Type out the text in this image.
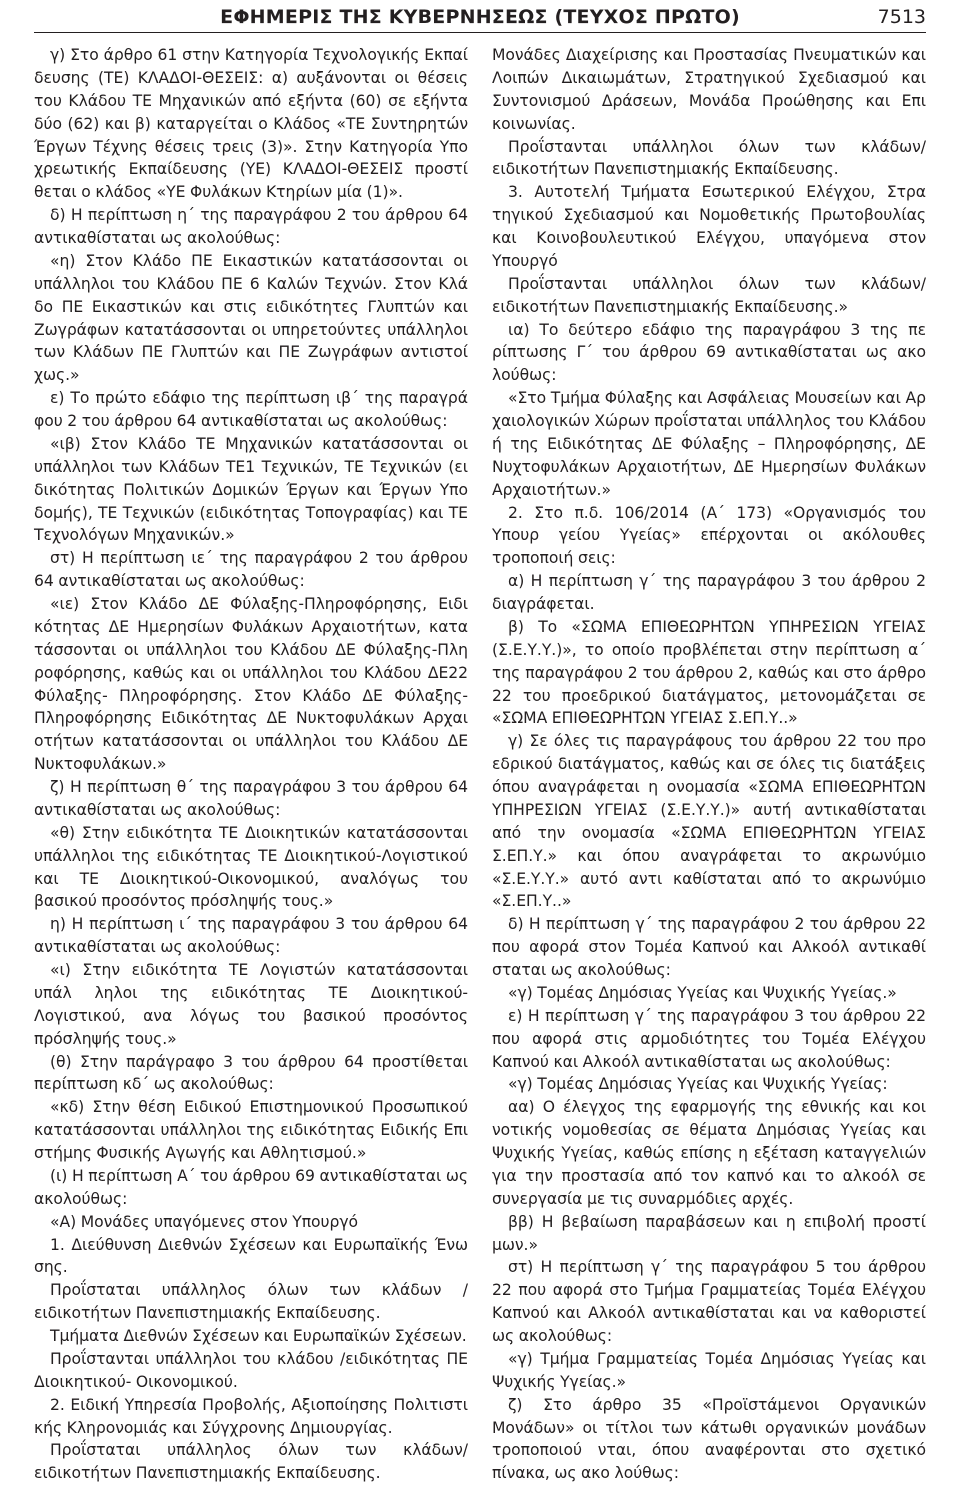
ΕΦΗΜΕΡΙΣ ΤΗΣ ΚΥΒΕΡΝΗΣΕΩΣ (ΤΕΥΧΟΣ ΠΡΩΤΟ)	7513

γ) Στο άρθρο 61 στην Κατηγορία Τεχνολογικής Εκπαί δευσης (ΤΕ) ΚΛΑΔΟΙ-ΘΕΣΕΙΣ: α) αυξάνονται οι θέσεις του Κλάδου ΤΕ Μηχανικών από εξήντα (60) σε εξήντα δύο (62) και β) καταργείται ο Κλάδος «ΤΕ Συντηρητών Έργων Τέχνης θέσεις τρεις (3)». Στην Κατηγορία Υπο χρεωτικής Εκπαίδευσης (ΥΕ) ΚΛΑΔΟΙ-ΘΕΣΕΙΣ προστί θεται ο κλάδος «ΥΕ Φυλάκων Κτηρίων μία (1)».

δ) Η περίπτωση η΄ της παραγράφου 2 του άρθρου 64 αντικαθίσταται ως ακολούθως:

«η) Στον Κλάδο ΠΕ Εικαστικών κατατάσσονται οι υπάλληλοι του Κλάδου ΠΕ 6 Καλών Τεχνών. Στον Κλά δο ΠΕ Εικαστικών και στις ειδικότητες Γλυπτών και Ζωγράφων κατατάσσονται οι υπηρετούντες υπάλληλοι των Κλάδων ΠΕ Γλυπτών και ΠΕ Ζωγράφων αντιστοί χως.»

ε) Το πρώτο εδάφιο της περίπτωση ιβ΄ της παραγρά φου 2 του άρθρου 64 αντικαθίσταται ως ακολούθως:

«ιβ) Στον Κλάδο ΤΕ Μηχανικών κατατάσσονται οι υπάλληλοι των Κλάδων ΤΕ1 Τεχνικών, ΤΕ Τεχνικών (ει δικότητας Πολιτικών Δομικών Έργων και Έργων Υπο δομής), ΤΕ Τεχνικών (ειδικότητας Τοπογραφίας) και ΤΕ Τεχνολόγων Μηχανικών.»

στ) Η περίπτωση ιε΄ της παραγράφου 2 του άρθρου 64 αντικαθίσταται ως ακολούθως:

«ιε) Στον Κλάδο ΔΕ Φύλαξης-Πληροφόρησης, Ειδι κότητας ΔΕ Ημερησίων Φυλάκων Αρχαιοτήτων, κατα τάσσονται οι υπάλληλοι του Κλάδου ΔΕ Φύλαξης-Πλη ροφόρησης, καθώς και οι υπάλληλοι του Κλάδου ΔΕ22 Φύλαξης- Πληροφόρησης. Στον Κλάδο ΔΕ Φύλαξης- Πληροφόρησης Ειδικότητας ΔΕ Νυκτοφυλάκων Αρχαι οτήτων κατατάσσονται οι υπάλληλοι του Κλάδου ΔΕ Νυκτοφυλάκων.»

ζ) Η περίπτωση θ΄ της παραγράφου 3 του άρθρου 64 αντικαθίσταται ως ακολούθως:

«θ) Στην ειδικότητα ΤΕ Διοικητικών κατατάσσονται υπάλληλοι της ειδικότητας ΤΕ Διοικητικού-Λογιστικού και ΤΕ Διοικητικού-Οικονομικού, αναλόγως του βασικού προσόντος πρόσληψής τους.»

η) Η περίπτωση ι΄ της παραγράφου 3 του άρθρου 64 αντικαθίσταται ως ακολούθως:

«ι) Στην ειδικότητα ΤΕ Λογιστών κατατάσσονται υπάλ ληλοι της ειδικότητας ΤΕ Διοικητικού-Λογιστικού, ανα λόγως του βασικού προσόντος πρόσληψής τους.»

(θ) Στην παράγραφο 3 του άρθρου 64 προστίθεται περίπτωση κδ΄ ως ακολούθως:

«κδ) Στην θέση Ειδικού Επιστημονικού Προσωπικού κατατάσσονται υπάλληλοι της ειδικότητας Ειδικής Επι στήμης Φυσικής Αγωγής και Αθλητισμού.»

(ι) Η περίπτωση Α΄ του άρθρου 69 αντικαθίσταται ως ακολούθως:

«Α) Μονάδες υπαγόμενες στον Υπουργό

1. Διεύθυνση Διεθνών Σχέσεων και Ευρωπαϊκής Ένω σης.

Προΐσταται υπάλληλος όλων των κλάδων /ειδικοτήτων Πανεπιστημιακής Εκπαίδευσης.

Τμήματα Διεθνών Σχέσεων και Ευρωπαϊκών Σχέσεων.

Προΐστανται υπάλληλοι του κλάδου /ειδικότητας ΠΕ Διοικητικού- Οικονομικού.

2. Ειδική Υπηρεσία Προβολής, Αξιοποίησης Πολιτιστι κής Κληρονομιάς και Σύγχρονης Δημιουργίας.

Προΐσταται υπάλληλος όλων των κλάδων/ειδικοτήτων Πανεπιστημιακής Εκπαίδευσης.

Μονάδες Διαχείρισης και Προστασίας Πνευματικών και Λοιπών Δικαιωμάτων, Στρατηγικού Σχεδιασμού και Συντονισμού Δράσεων, Μονάδα Προώθησης και Επι κοινωνίας.

Προΐστανται υπάλληλοι όλων των κλάδων/ειδικοτήτων Πανεπιστημιακής Εκπαίδευσης.

3. Αυτοτελή Τμήματα Εσωτερικού Ελέγχου, Στρα τηγικού Σχεδιασμού και Νομοθετικής Πρωτοβουλίας και Κοινοβουλευτικού Ελέγχου, υπαγόμενα στον Υπουργό

Προΐστανται υπάλληλοι όλων των κλάδων/ειδικοτήτων Πανεπιστημιακής Εκπαίδευσης.»

ια) Το δεύτερο εδάφιο της παραγράφου 3 της πε ρίπτωσης Γ΄ του άρθρου 69 αντικαθίσταται ως ακο λούθως:

«Στο Τμήμα Φύλαξης και Ασφάλειας Μουσείων και Αρ χαιολογικών Χώρων προΐσταται υπάλληλος του Κλάδου ή της Ειδικότητας ΔΕ Φύλαξης – Πληροφόρησης, ΔΕ Νυχτοφυλάκων Αρχαιοτήτων, ΔΕ Ημερησίων Φυλάκων Αρχαιοτήτων.»

2. Στο π.δ. 106/2014 (Α΄ 173) «Οργανισμός του Υπουρ γείου Υγείας» επέρχονται οι ακόλουθες τροποποιή σεις:

α) Η περίπτωση γ΄ της παραγράφου 3 του άρθρου 2 διαγράφεται.

β) Το «ΣΩΜΑ ΕΠΙΘΕΩΡΗΤΩΝ ΥΠΗΡΕΣΙΩΝ ΥΓΕΙΑΣ (Σ.Ε.Υ.Υ.)», το οποίο προβλέπεται στην περίπτωση α΄ της παραγράφου 2 του άρθρου 2, καθώς και στο άρθρο 22 του προεδρικού διατάγματος, μετονομάζεται σε «ΣΩΜΑ ΕΠΙΘΕΩΡΗΤΩΝ ΥΓΕΙΑΣ Σ.ΕΠ.Υ..»

γ) Σε όλες τις παραγράφους του άρθρου 22 του προ εδρικού διατάγματος, καθώς και σε όλες τις διατάξεις όπου αναγράφεται η ονομασία «ΣΩΜΑ ΕΠΙΘΕΩΡΗΤΩΝ ΥΠΗΡΕΣΙΩΝ ΥΓΕΙΑΣ (Σ.Ε.Υ.Υ.)» αυτή αντικαθίσταται από την ονομασία «ΣΩΜΑ ΕΠΙΘΕΩΡΗΤΩΝ ΥΓΕΙΑΣ Σ.ΕΠ.Υ.» και όπου αναγράφεται το ακρωνύμιο «Σ.Ε.Υ.Υ.» αυτό αντι καθίσταται από το ακρωνύμιο «Σ.ΕΠ.Υ..»

δ) Η περίπτωση γ΄ της παραγράφου 2 του άρθρου 22 που αφορά στον Τομέα Καπνού και Αλκοόλ αντικαθί σταται ως ακολούθως:

«γ) Τομέας Δημόσιας Υγείας και Ψυχικής Υγείας.»

ε) Η περίπτωση γ΄ της παραγράφου 3 του άρθρου 22 που αφορά στις αρμοδιότητες του Τομέα Ελέγχου Καπνού και Αλκοόλ αντικαθίσταται ως ακολούθως:

«γ) Τομέας Δημόσιας Υγείας και Ψυχικής Υγείας:

αα) Ο έλεγχος της εφαρμογής της εθνικής και κοι νοτικής νομοθεσίας σε θέματα Δημόσιας Υγείας και Ψυχικής Υγείας, καθώς επίσης η εξέταση καταγγελιών για την προστασία από τον καπνό και το αλκοόλ σε συνεργασία με τις συναρμόδιες αρχές.

ββ) Η βεβαίωση παραβάσεων και η επιβολή προστί μων.»

στ) Η περίπτωση γ΄ της παραγράφου 5 του άρθρου 22 που αφορά στο Τμήμα Γραμματείας Τομέα Ελέγχου Καπνού και Αλκοόλ αντικαθίσταται και να καθοριστεί ως ακολούθως:

«γ) Τμήμα Γραμματείας Τομέα Δημόσιας Υγείας και Ψυχικής Υγείας.»

ζ) Στο άρθρο 35 «Προϊστάμενοι Οργανικών Μονάδων» οι τίτλοι των κάτωθι οργανικών μονάδων τροποποιού νται, όπου αναφέρονται στο σχετικό πίνακα, ως ακο λούθως:
